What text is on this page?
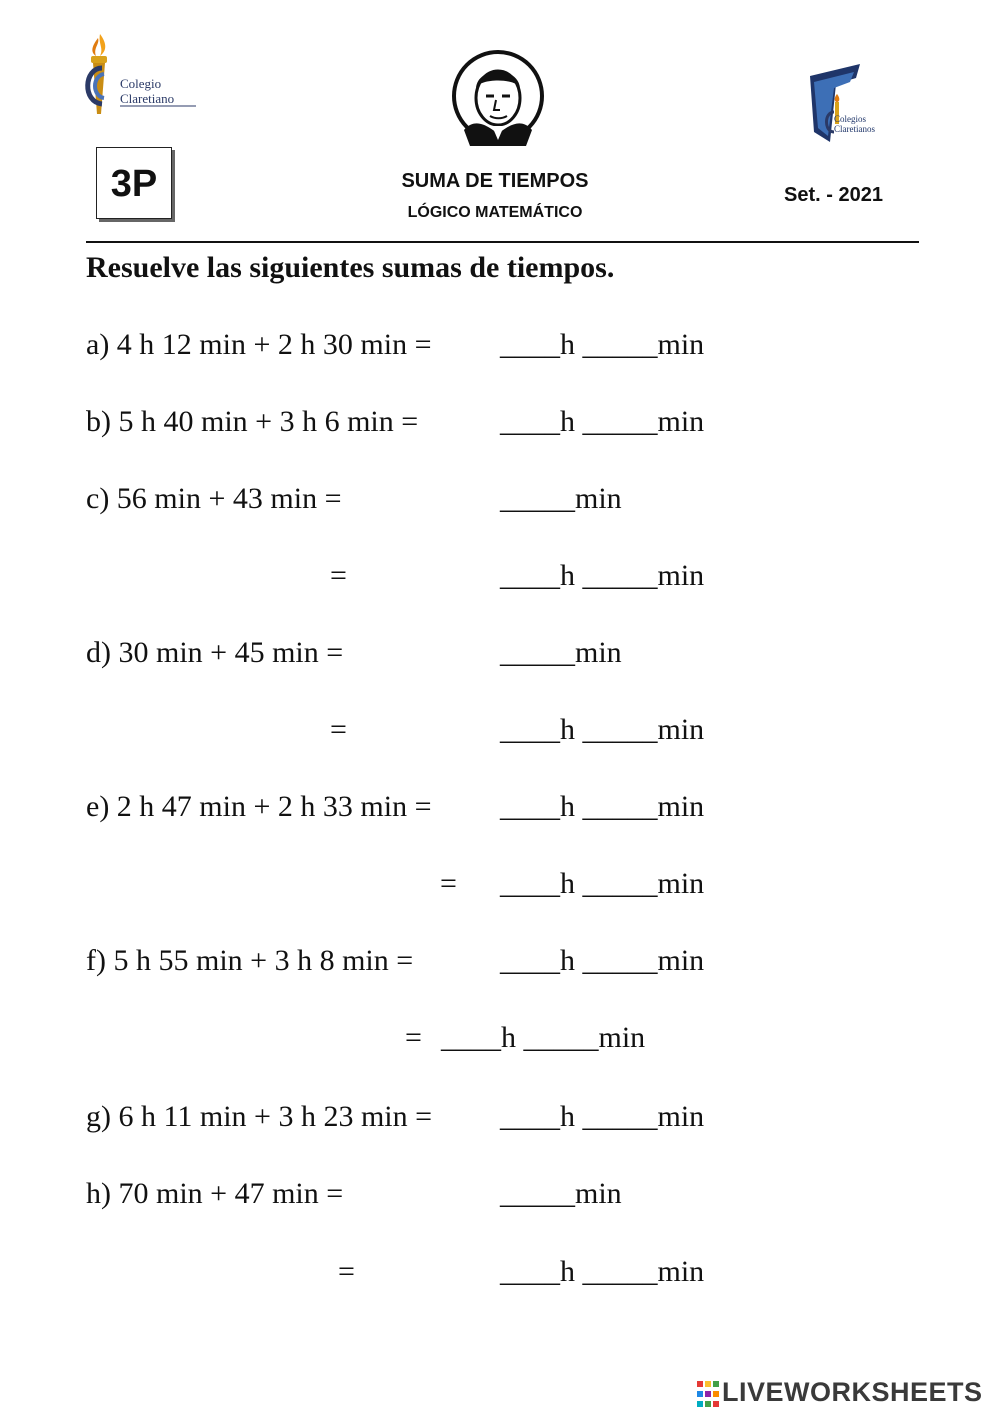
Colegio
Claretiano
Colegios
Claretianos
3P	SUMA DE TIEMPOS
LÓGICO MATEMÁTICO
Set. - 2021
Resuelve las siguientes sumas de tiempos.
a) 4 h 12 min + 2 h 30 min = ____h _____min
b) 5 h 40 min + 3 h 6 min =	____h _____min
c) 56 min + 43 min =	_____min
=	____h _____min
d) 30 min + 45 min =	_____min
=	____h _____min
e) 2 h 47 min + 2 h 33 min = ____h _____min
= ____h _____min
f) 5 h 55 min + 3 h 8 min =	____h _____min
= ____h _____min
g) 6 h 11 min + 3 h 23 min = ____h _____min
h) 70 min + 47 min =	_____min
=	____h _____min
LIVEWORKSHEETS
